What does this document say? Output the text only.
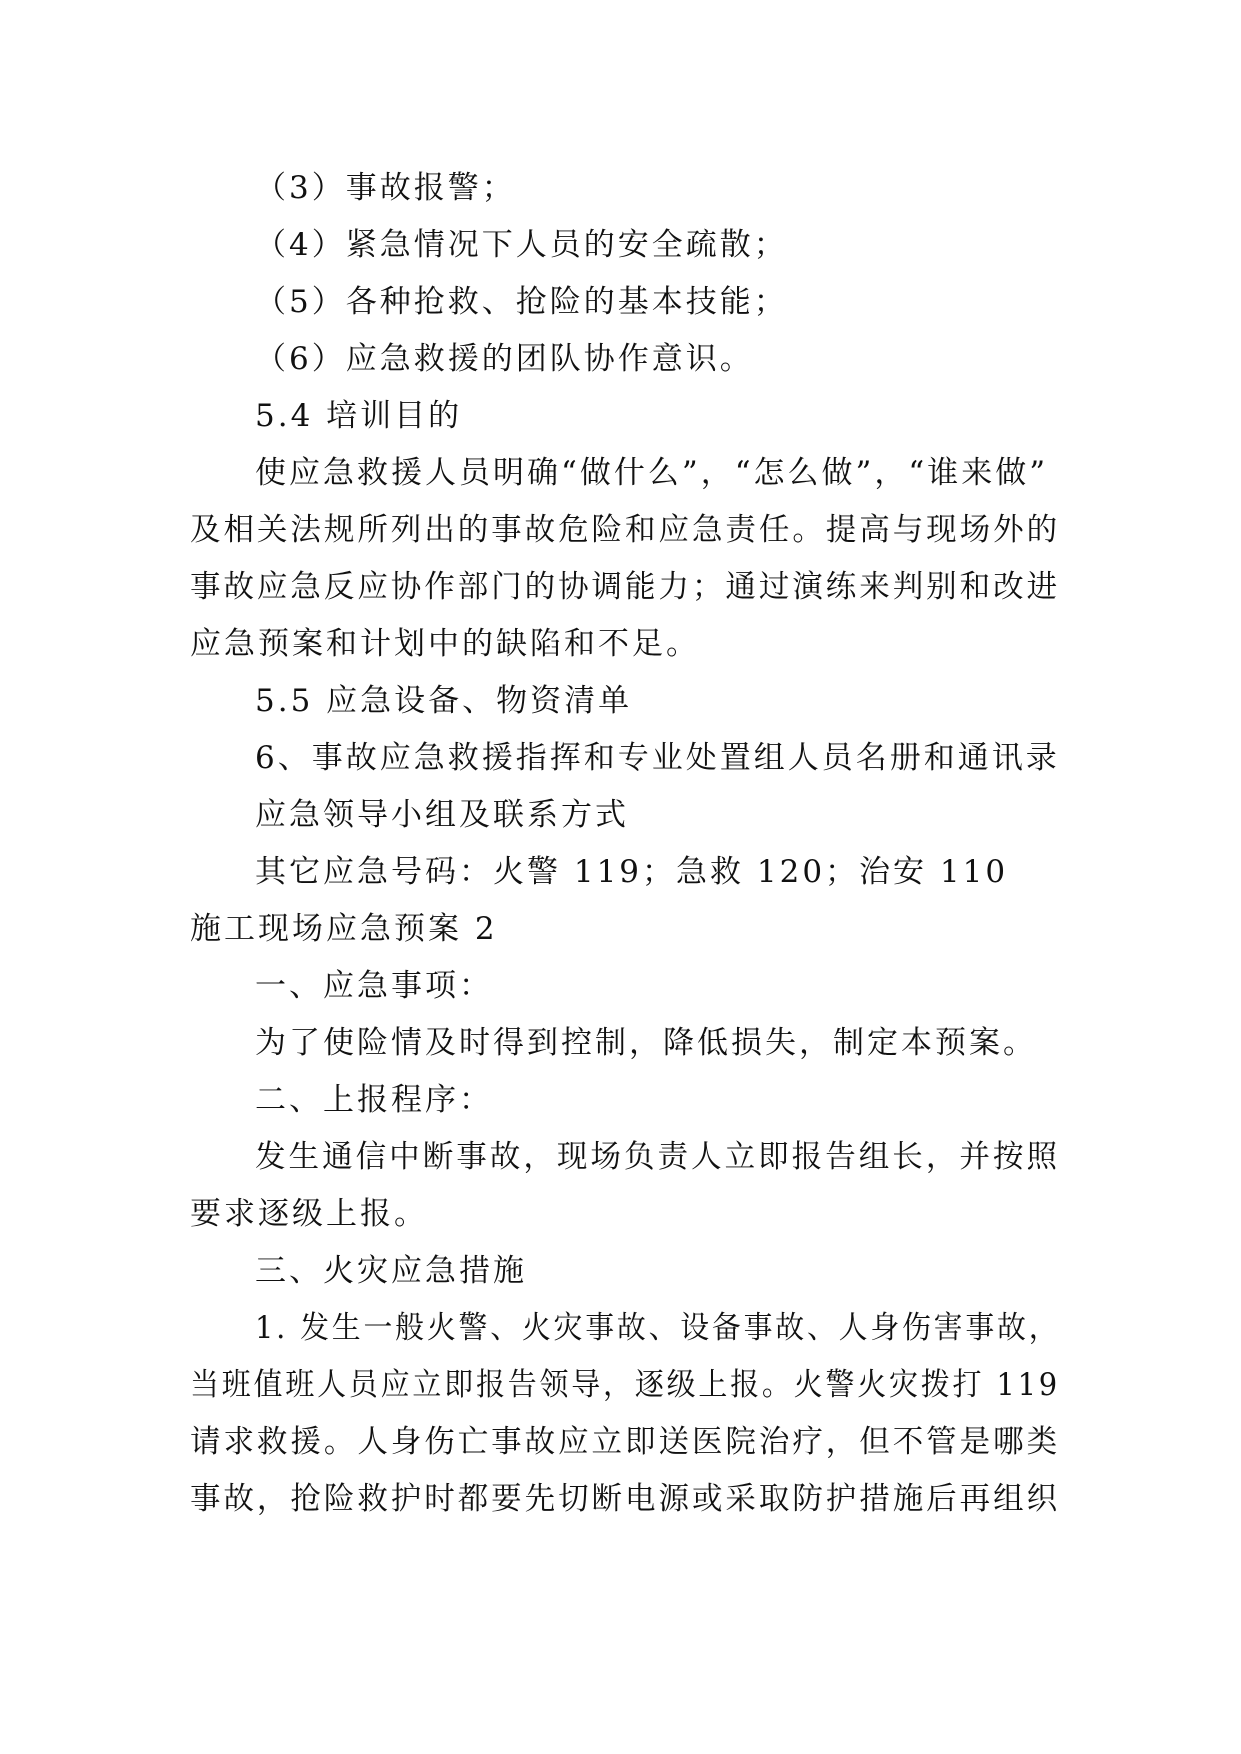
（3）事故报警；
（4）紧急情况下人员的安全疏散；
（5）各种抢救、抢险的基本技能；
（6）应急救援的团队协作意识。
5.4 培训目的
使应急救援人员明确“做什么”，“怎么做”，“谁来做”
及相关法规所列出的事故危险和应急责任。提高与现场外的
事故应急反应协作部门的协调能力；通过演练来判别和改进
应急预案和计划中的缺陷和不足。
5.5 应急设备、物资清单
6、事故应急救援指挥和专业处置组人员名册和通讯录
应急领导小组及联系方式
其它应急号码：火警 119；急救 120；治安 110
施工现场应急预案 2
一、应急事项：
为了使险情及时得到控制，降低损失，制定本预案。
二、上报程序：
发生通信中断事故，现场负责人立即报告组长，并按照
要求逐级上报。
三、火灾应急措施
1. 发生一般火警、火灾事故、设备事故、人身伤害事故，
当班值班人员应立即报告领导，逐级上报。火警火灾拨打 119
请求救援。人身伤亡事故应立即送医院治疗，但不管是哪类
事故，抢险救护时都要先切断电源或采取防护措施后再组织
